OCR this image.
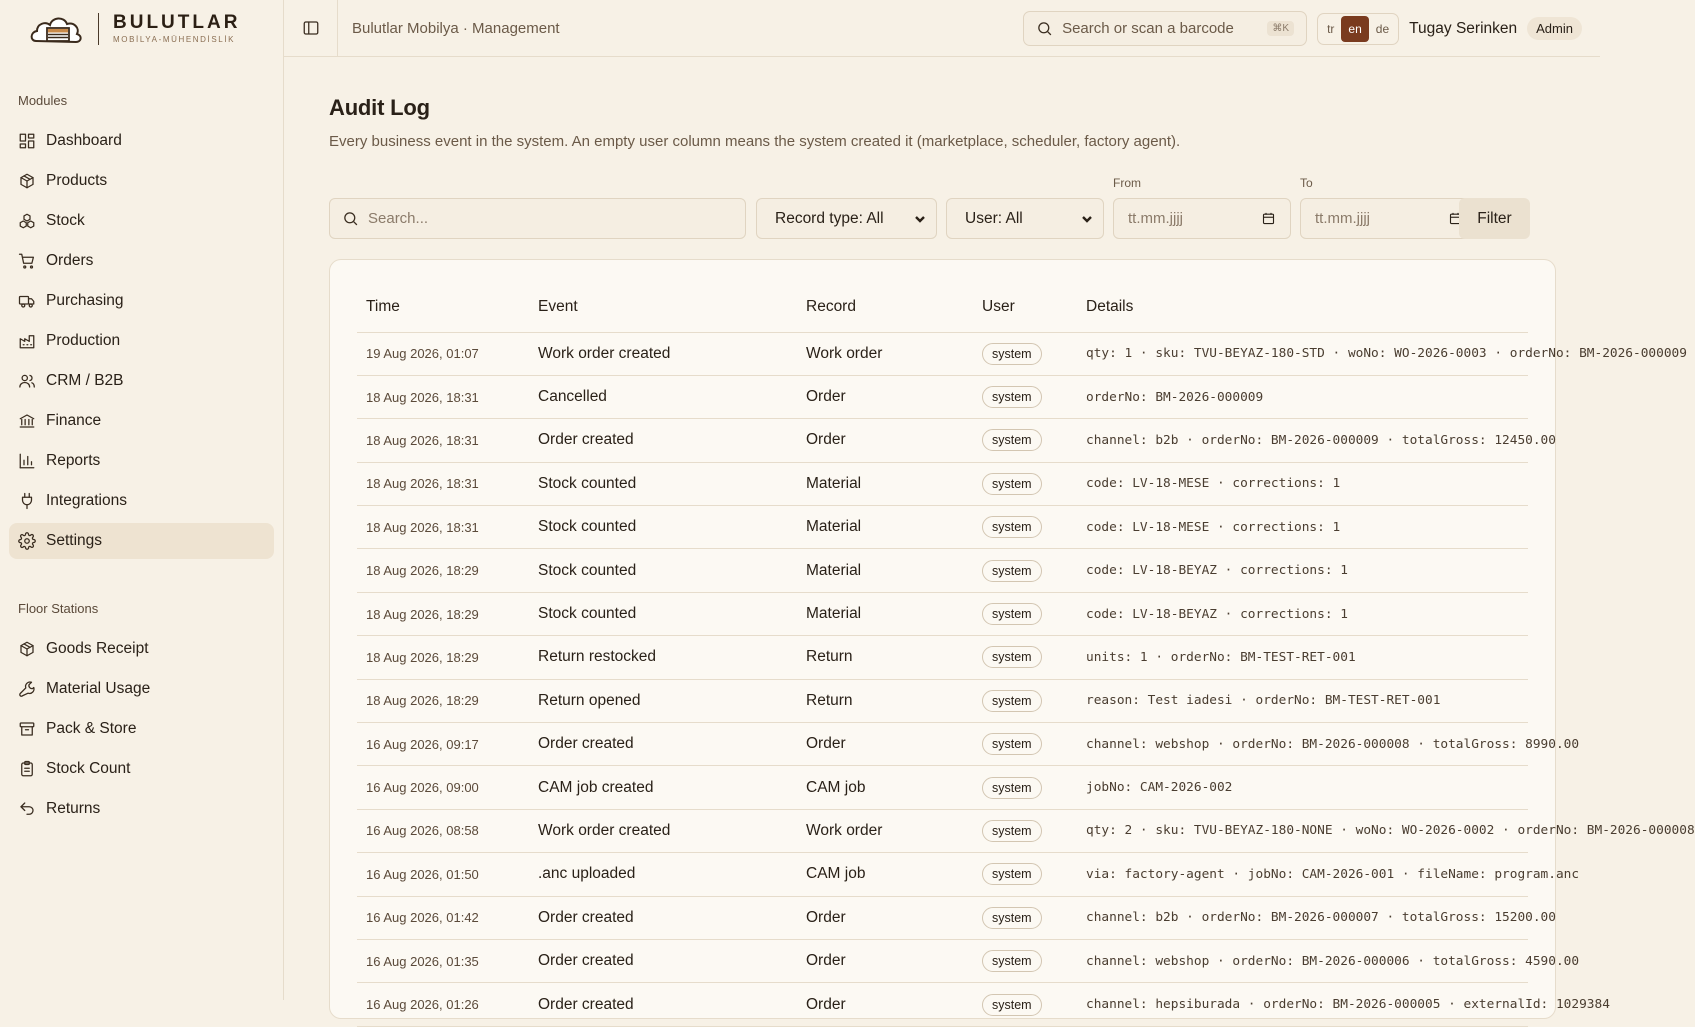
BULUTLAR
MOBİLYA-MÜHENDİSLİK
Modules
Dashboard
Products
Stock
Orders
Purchasing
Production
CRM / B2B
Finance
Reports
Integrations
Settings
Floor Stations
Goods Receipt
Material Usage
Pack & Store
Stock Count
Returns
Bulutlar Mobilya · Management	Search or scan a barcode	⌘K	tr	en	de	Tugay Serinken	Admin
Audit Log

Every business event in the system. An empty user column means the system created it (marketplace, scheduler, factory agent).

Search...
Record type: All	User: All
From
tt.mm.jjjj
To
tt.mm.jjjj	Filter
Time	Event	Record	User	Details
19 Aug 2026, 01:07	Work order created	Work order	system	qty: 1 · sku: TVU-BEYAZ-180-STD · woNo: WO-2026-0003 · orderNo: BM-2026-000009
18 Aug 2026, 18:31	Cancelled	Order	system	orderNo: BM-2026-000009
18 Aug 2026, 18:31	Order created	Order	system	channel: b2b · orderNo: BM-2026-000009 · totalGross: 12450.00
18 Aug 2026, 18:31	Stock counted	Material	system	code: LV-18-MESE · corrections: 1
18 Aug 2026, 18:31	Stock counted	Material	system	code: LV-18-MESE · corrections: 1
18 Aug 2026, 18:29	Stock counted	Material	system	code: LV-18-BEYAZ · corrections: 1
18 Aug 2026, 18:29	Stock counted	Material	system	code: LV-18-BEYAZ · corrections: 1
18 Aug 2026, 18:29	Return restocked	Return	system	units: 1 · orderNo: BM-TEST-RET-001
18 Aug 2026, 18:29	Return opened	Return	system	reason: Test iadesi · orderNo: BM-TEST-RET-001
16 Aug 2026, 09:17	Order created	Order	system	channel: webshop · orderNo: BM-2026-000008 · totalGross: 8990.00
16 Aug 2026, 09:00	CAM job created	CAM job	system	jobNo: CAM-2026-002
16 Aug 2026, 08:58	Work order created	Work order	system	qty: 2 · sku: TVU-BEYAZ-180-NONE · woNo: WO-2026-0002 · orderNo: BM-2026-000008
16 Aug 2026, 01:50	.anc uploaded	CAM job	system	via: factory-agent · jobNo: CAM-2026-001 · fileName: program.anc
16 Aug 2026, 01:42	Order created	Order	system	channel: b2b · orderNo: BM-2026-000007 · totalGross: 15200.00
16 Aug 2026, 01:35	Order created	Order	system	channel: webshop · orderNo: BM-2026-000006 · totalGross: 4590.00
16 Aug 2026, 01:26	Order created	Order	system	channel: hepsiburada · orderNo: BM-2026-000005 · externalId: 1029384
